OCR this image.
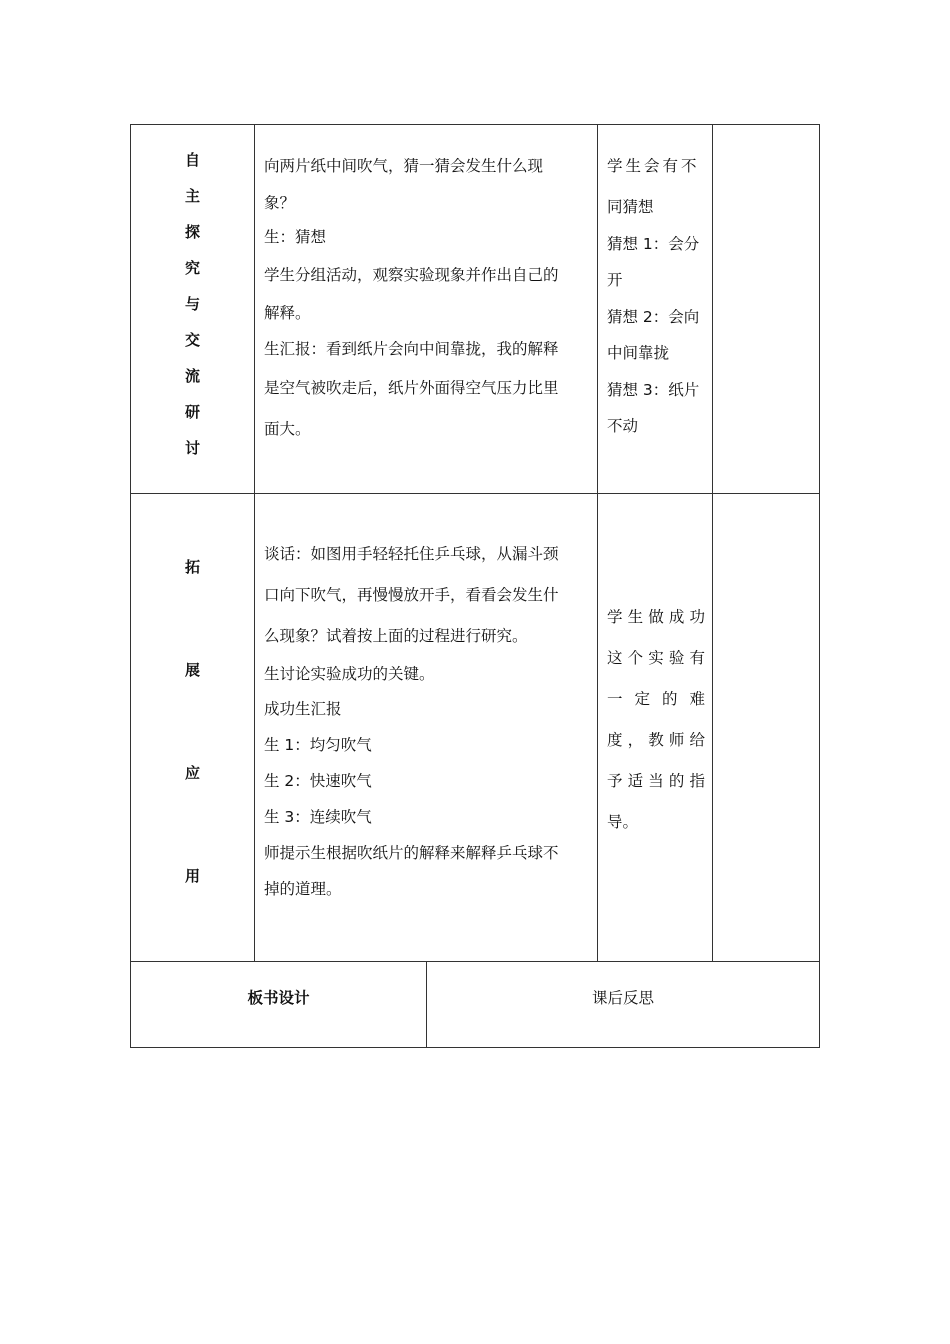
自
主
探
究
与
交
流
研
讨

向两片纸中间吹气，猜一猜会发生什么现

象？

生：猜想

学生分组活动，观察实验现象并作出自己的

解释。

生汇报：看到纸片会向中间靠拢，我的解释

是空气被吹走后，纸片外面得空气压力比里

面大。

学生会有不

同猜想

猜想 1：会分

开

猜想 2：会向

中间靠拢

猜想 3：纸片

不动

拓
展
应
用

谈话：如图用手轻轻托住乒乓球，从漏斗颈

口向下吹气，再慢慢放开手，看看会发生什

么现象？试着按上面的过程进行研究。

生讨论实验成功的关键。

成功生汇报

生 1：均匀吹气

生 2：快速吹气

生 3：连续吹气

师提示生根据吹纸片的解释来解释乒乓球不

掉的道理。

学生做成功

这个实验有

一定的难

度，教师给

予适当的指

导。

板书设计	课后反思
